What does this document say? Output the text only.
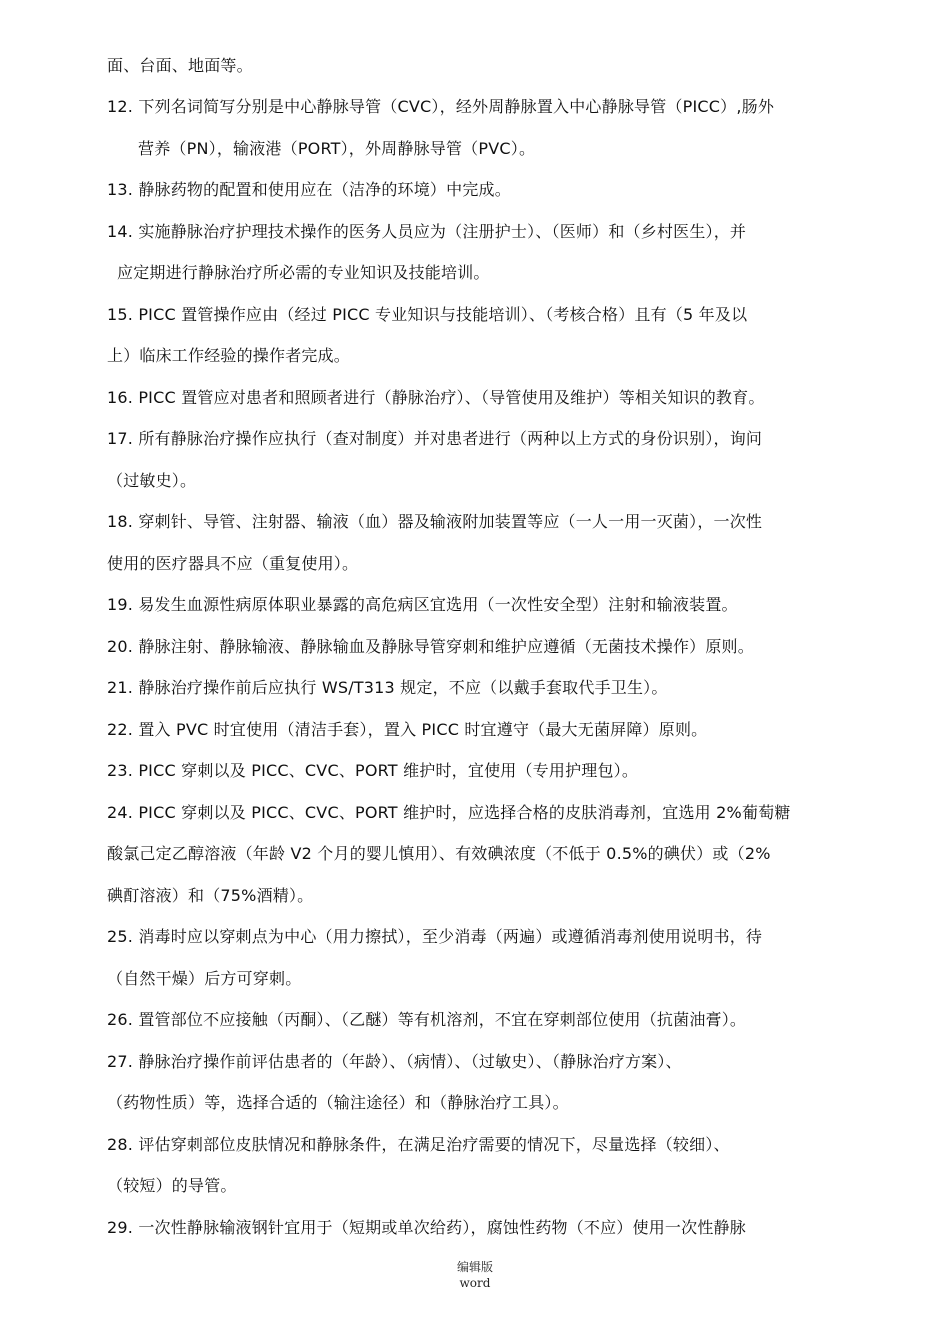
面、台面、地面等。
12. 下列名词简写分别是中心静脉导管（CVC），经外周静脉置入中心静脉导管（PICC）,肠外
营养（PN），输液港（PORT），外周静脉导管（PVC）。
13. 静脉药物的配置和使用应在（洁净的环境）中完成。
14. 实施静脉治疗护理技术操作的医务人员应为（注册护士）、（医师）和（乡村医生），并
应定期进行静脉治疗所必需的专业知识及技能培训。
15. PICC 置管操作应由（经过 PICC 专业知识与技能培训）、（考核合格）且有（5 年及以
上）临床工作经验的操作者完成。
16. PICC 置管应对患者和照顾者进行（静脉治疗）、（导管使用及维护）等相关知识的教育。
17. 所有静脉治疗操作应执行（查对制度）并对患者进行（两种以上方式的身份识别），询问
（过敏史）。
18. 穿刺针、导管、注射器、输液（血）器及输液附加装置等应（一人一用一灭菌），一次性
使用的医疗器具不应（重复使用）。
19. 易发生血源性病原体职业暴露的高危病区宜选用（一次性安全型）注射和输液装置。
20. 静脉注射、静脉输液、静脉输血及静脉导管穿刺和维护应遵循（无菌技术操作）原则。
21. 静脉治疗操作前后应执行 WS/T313 规定，不应（以戴手套取代手卫生）。
22. 置入 PVC 时宜使用（清洁手套），置入 PICC 时宜遵守（最大无菌屏障）原则。
23. PICC 穿刺以及 PICC、CVC、PORT 维护时，宜使用（专用护理包）。
24. PICC 穿刺以及 PICC、CVC、PORT 维护时，应选择合格的皮肤消毒剂，宜选用 2%葡萄糖
酸氯己定乙醇溶液（年龄 V2 个月的婴儿慎用）、有效碘浓度（不低于 0.5%的碘伏）或（2%
碘酊溶液）和（75%酒精）。
25. 消毒时应以穿刺点为中心（用力擦拭），至少消毒（两遍）或遵循消毒剂使用说明书，待
（自然干燥）后方可穿刺。
26. 置管部位不应接触（丙酮）、（乙醚）等有机溶剂，不宜在穿刺部位使用（抗菌油膏）。
27. 静脉治疗操作前评估患者的（年龄）、（病情）、（过敏史）、（静脉治疗方案）、
（药物性质）等，选择合适的（输注途径）和（静脉治疗工具）。
28. 评估穿刺部位皮肤情况和静脉条件，在满足治疗需要的情况下，尽量选择（较细）、
（较短）的导管。
29. 一次性静脉输液钢针宜用于（短期或单次给药），腐蚀性药物（不应）使用一次性静脉
编辑版
word
